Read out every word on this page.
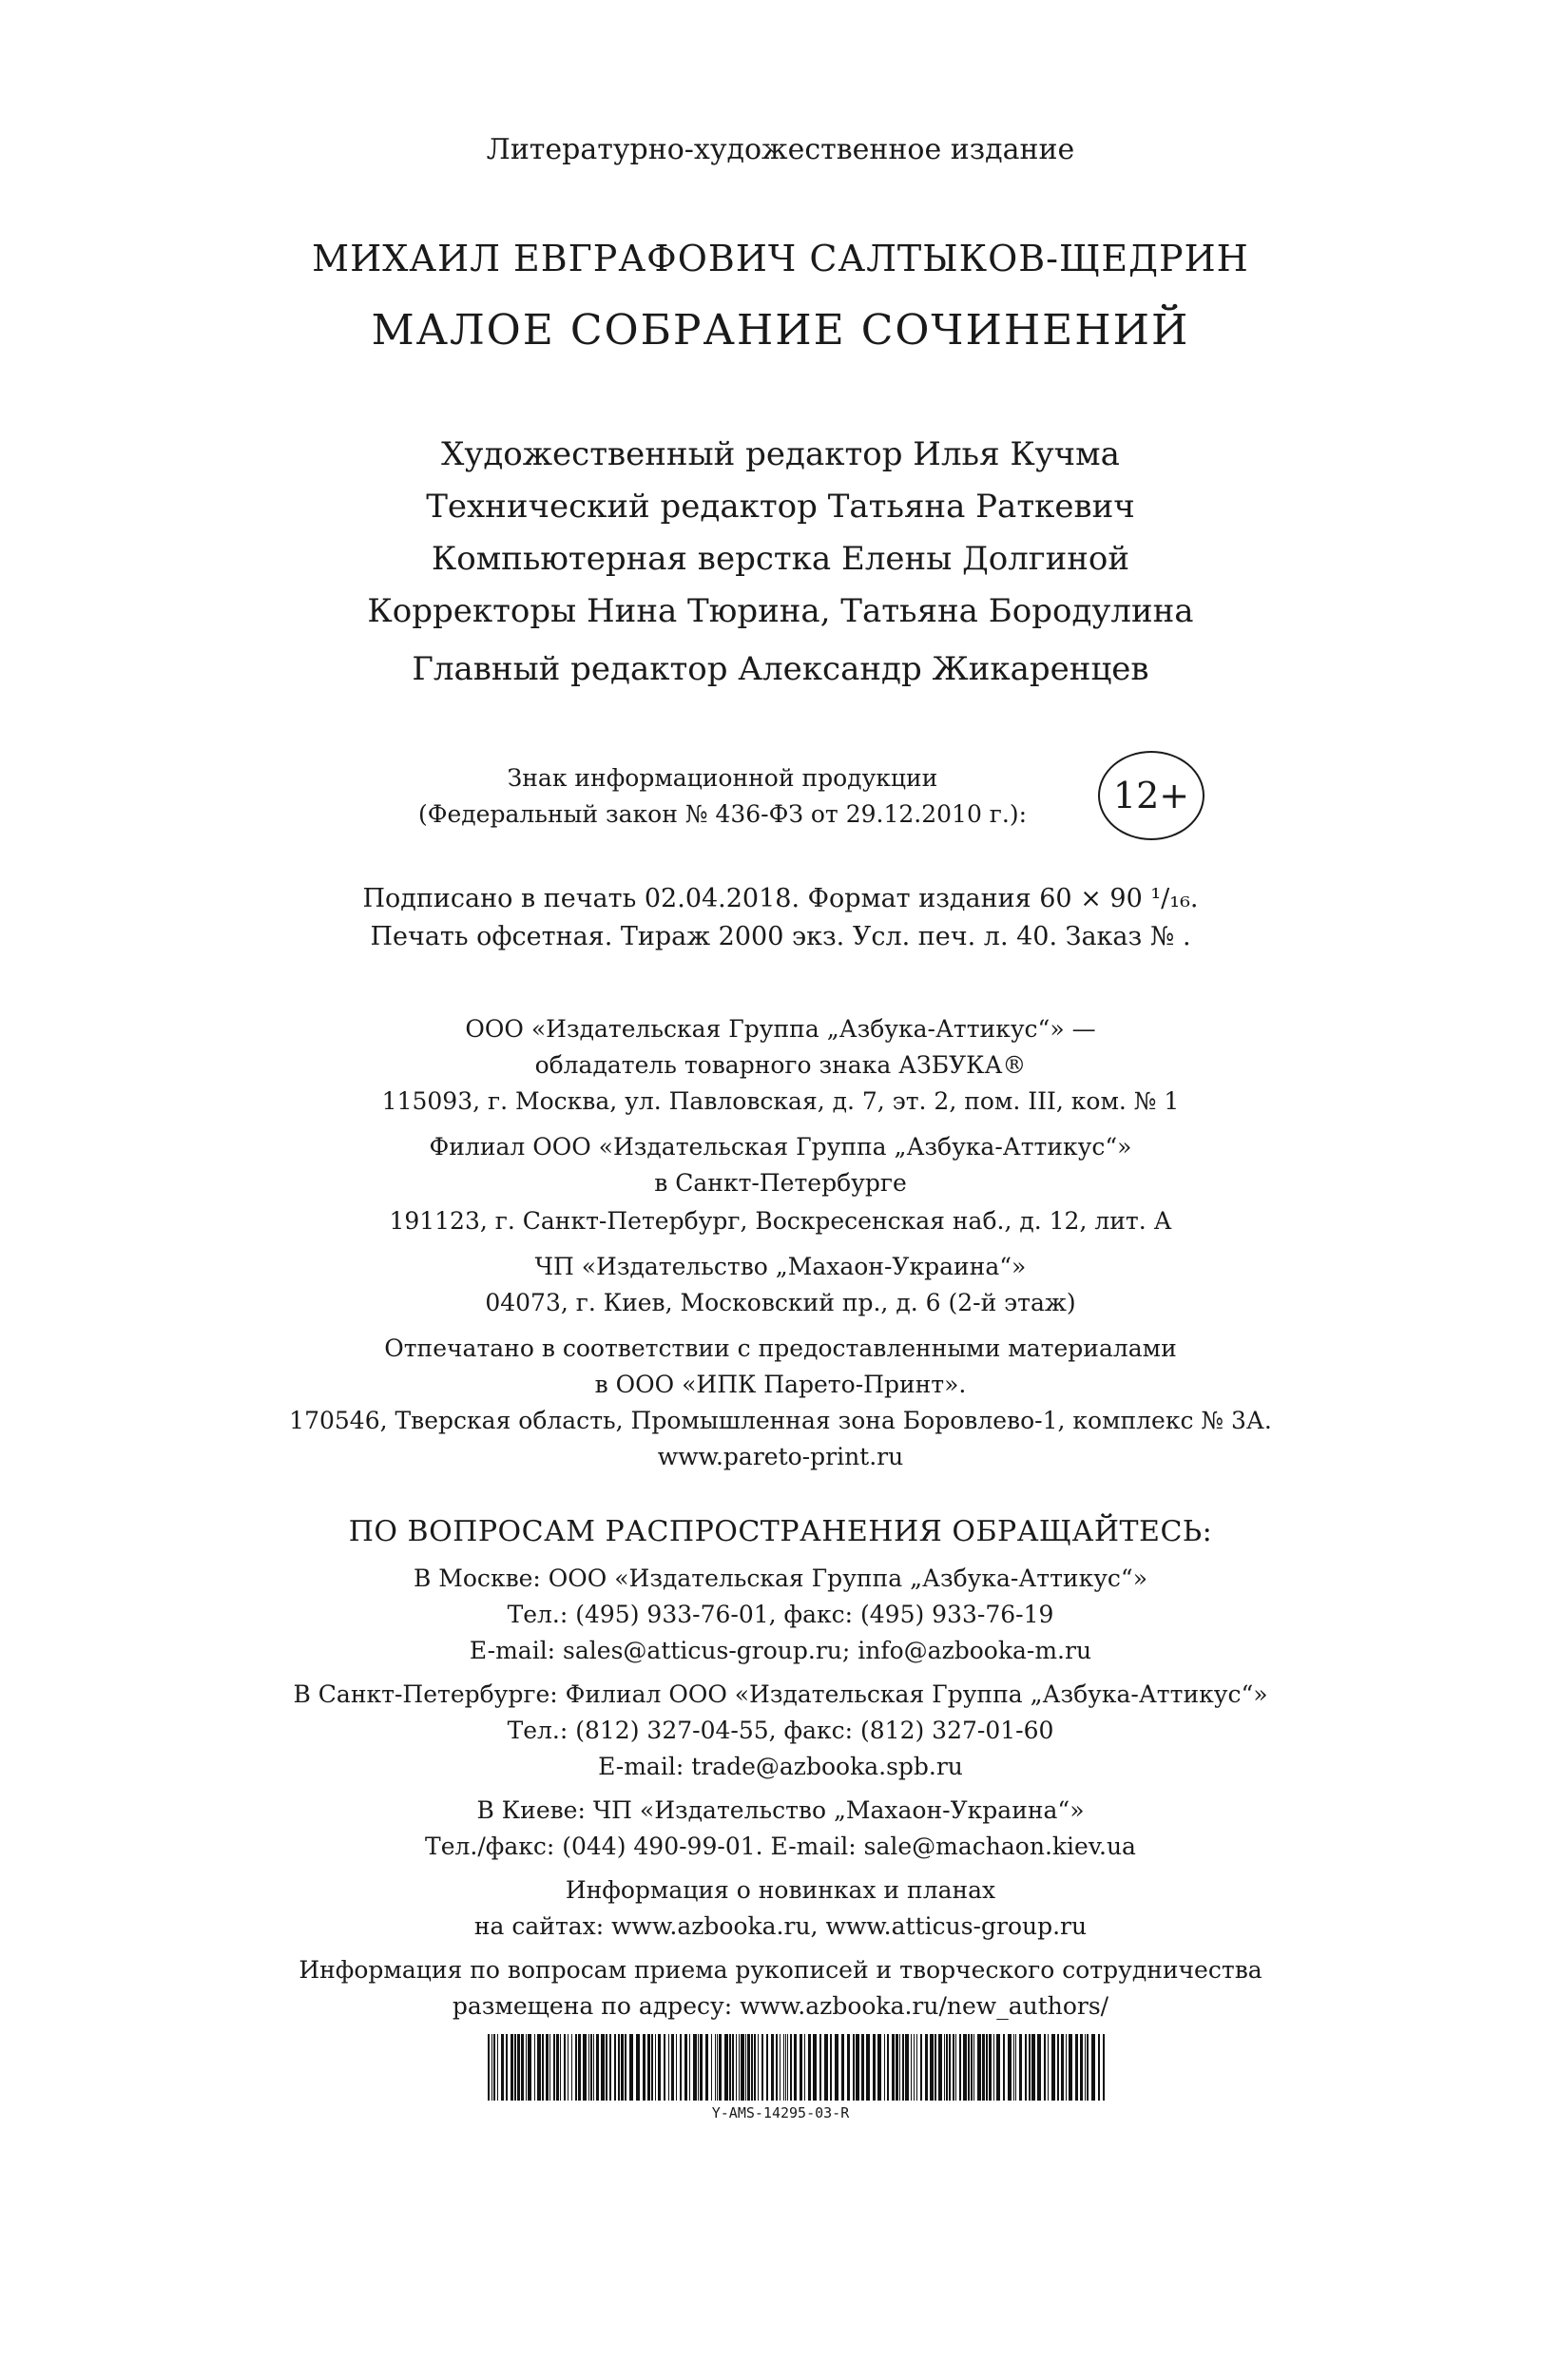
Литературно-художественное издание
МИХАИЛ ЕВГРАФОВИЧ САЛТЫКОВ-ЩЕДРИН
МАЛОЕ СОБРАНИЕ СОЧИНЕНИЙ
Художественный редактор Илья Кучма
Технический редактор Татьяна Раткевич
Компьютерная верстка Елены Долгиной
Корректоры Нина Тюрина, Татьяна Бородулина
Главный редактор Александр Жикаренцев
Знак информационной продукции
(Федеральный закон № 436-ФЗ от 29.12.2010 г.):	12+
Подписано в печать 02.04.2018. Формат издания 60 × 90 ¹/₁₆.
Печать офсетная. Тираж 2000 экз. Усл. печ. л. 40. Заказ № .
ООО «Издательская Группа „Азбука-Аттикус“» —
обладатель товарного знака АЗБУКА®
115093, г. Москва, ул. Павловская, д. 7, эт. 2, пом. III, ком. № 1
Филиал ООО «Издательская Группа „Азбука-Аттикус“»
в Санкт-Петербурге
191123, г. Санкт-Петербург, Воскресенская наб., д. 12, лит. А
ЧП «Издательство „Махаон-Украина“»
04073, г. Киев, Московский пр., д. 6 (2-й этаж)
Отпечатано в соответствии с предоставленными материалами
в ООО «ИПК Парето-Принт».
170546, Тверская область, Промышленная зона Боровлево-1, комплекс № 3А.
www.pareto-print.ru
ПО ВОПРОСАМ РАСПРОСТРАНЕНИЯ ОБРАЩАЙТЕСЬ:
В Москве: ООО «Издательская Группа „Азбука-Аттикус“»
Тел.: (495) 933-76-01, факс: (495) 933-76-19
E-mail: sales@atticus-group.ru; info@azbooka-m.ru
В Санкт-Петербурге: Филиал ООО «Издательская Группа „Азбука-Аттикус“»
Тел.: (812) 327-04-55, факс: (812) 327-01-60
E-mail: trade@azbooka.spb.ru
В Киеве: ЧП «Издательство „Махаон-Украина“»
Тел./факс: (044) 490-99-01. E-mail: sale@machaon.kiev.ua
Информация о новинках и планах
на сайтах: www.azbooka.ru, www.atticus-group.ru
Информация по вопросам приема рукописей и творческого сотрудничества
размещена по адресу: www.azbooka.ru/new_authors/
Y-AMS-14295-03-R
